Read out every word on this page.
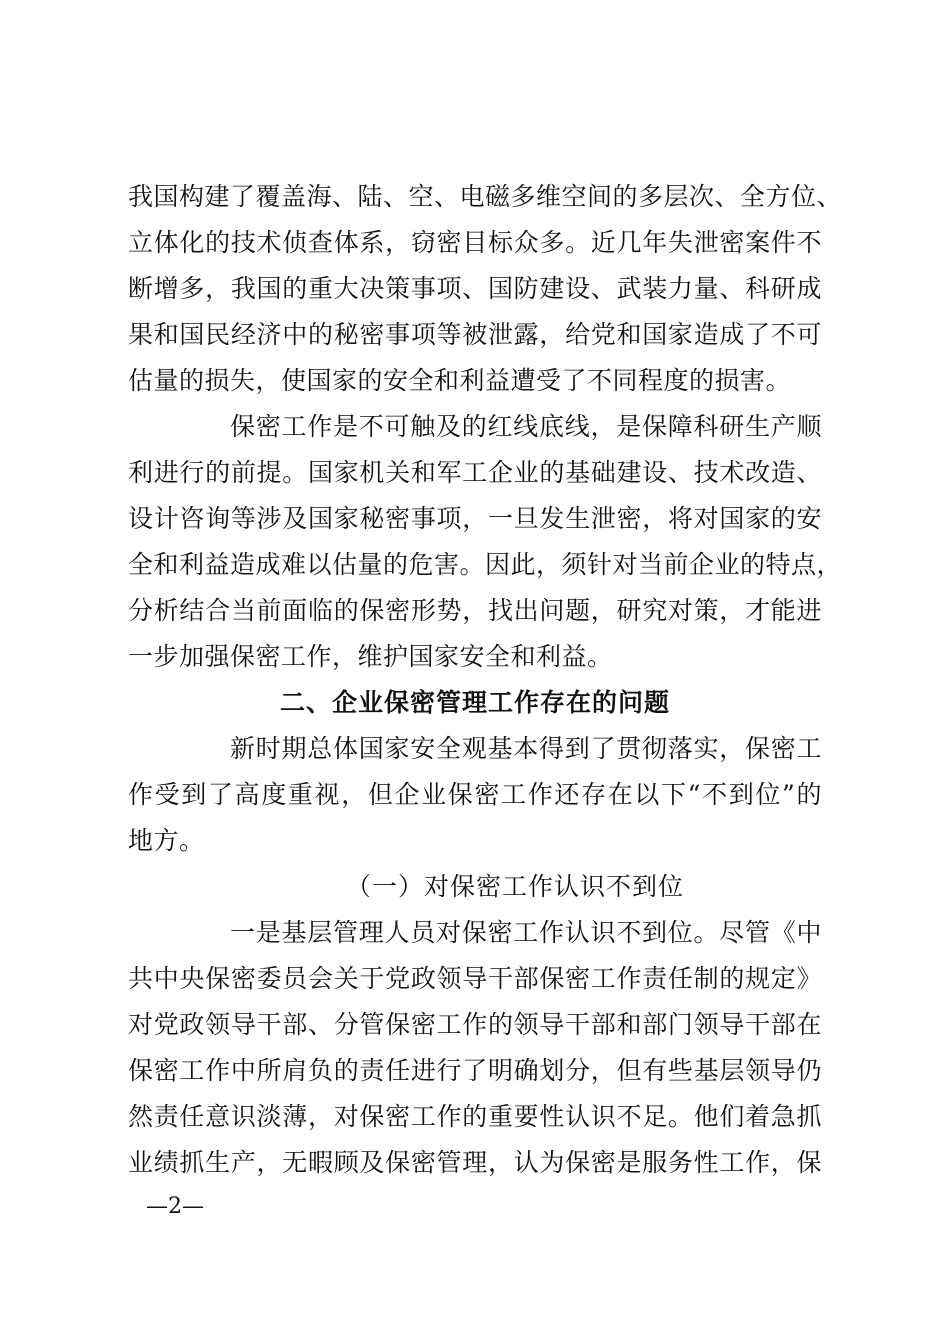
我国构建了覆盖海、陆、空、电磁多维空间的多层次、全方位、
立体化的技术侦查体系，窃密目标众多。近几年失泄密案件不
断增多，我国的重大决策事项、国防建设、武装力量、科研成
果和国民经济中的秘密事项等被泄露，给党和国家造成了不可
估量的损失，使国家的安全和利益遭受了不同程度的损害。
保密工作是不可触及的红线底线，是保障科研生产顺
利进行的前提。国家机关和军工企业的基础建设、技术改造、
设计咨询等涉及国家秘密事项，一旦发生泄密，将对国家的安
全和利益造成难以估量的危害。因此，须针对当前企业的特点，
分析结合当前面临的保密形势，找出问题，研究对策，才能进
一步加强保密工作，维护国家安全和利益。
二、企业保密管理工作存在的问题
新时期总体国家安全观基本得到了贯彻落实，保密工
作受到了高度重视，但企业保密工作还存在以下“不到位”的
地方。
（一）对保密工作认识不到位
一是基层管理人员对保密工作认识不到位。尽管《中
共中央保密委员会关于党政领导干部保密工作责任制的规定》
对党政领导干部、分管保密工作的领导干部和部门领导干部在
保密工作中所肩负的责任进行了明确划分，但有些基层领导仍
然责任意识淡薄，对保密工作的重要性认识不足。他们着急抓
业绩抓生产，无暇顾及保密管理，认为保密是服务性工作，保
—2—
